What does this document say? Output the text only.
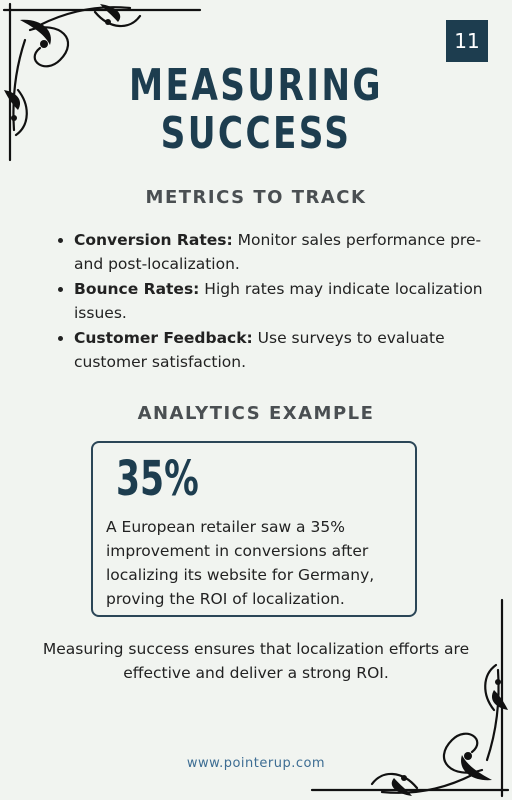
11
MEASURING
SUCCESS
METRICS TO TRACK
• Conversion Rates: Monitor sales performance pre- and post-localization.
• Bounce Rates: High rates may indicate localization issues.
• Customer Feedback: Use surveys to evaluate customer satisfaction.
ANALYTICS EXAMPLE

35%

A European retailer saw a 35% improvement in conversions after localizing its website for Germany, proving the ROI of localization.

Measuring success ensures that localization efforts are effective and deliver a strong ROI.

www.pointerup.com
